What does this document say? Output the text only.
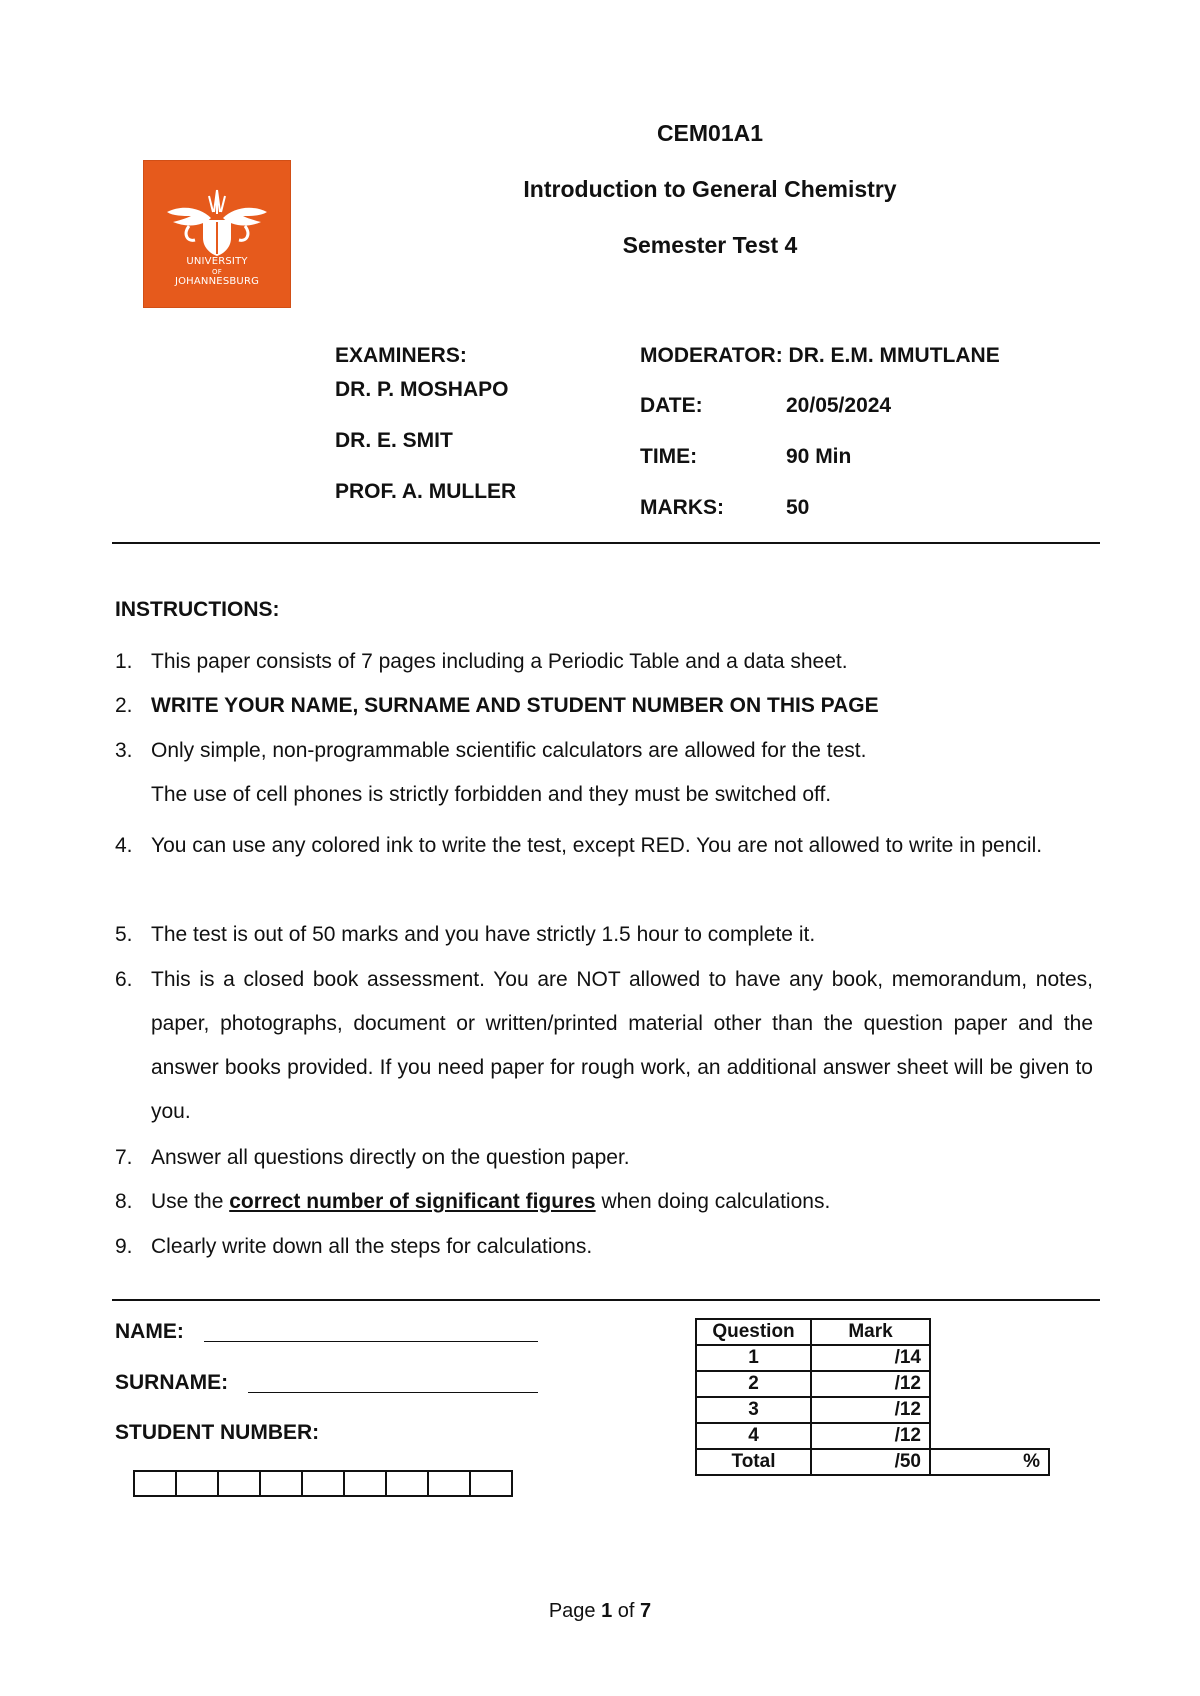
CEM01A1
Introduction to General Chemistry
Semester Test 4
UNIVERSITY
OF
JOHANNESBURG
EXAMINERS:
DR. P. MOSHAPO
DR. E. SMIT
PROF. A. MULLER
MODERATOR: DR. E.M. MMUTLANE
DATE:	20/05/2024
TIME:	90 Min
MARKS:	50
INSTRUCTIONS:
1. This paper consists of 7 pages including a Periodic Table and a data sheet.
2. WRITE YOUR NAME, SURNAME AND STUDENT NUMBER ON THIS PAGE
3. Only simple, non-programmable scientific calculators are allowed for the test.
The use of cell phones is strictly forbidden and they must be switched off.
4. You can use any colored ink to write the test, except RED. You are not allowed to write in pencil.
5. The test is out of 50 marks and you have strictly 1.5 hour to complete it.
6. This is a closed book assessment. You are NOT allowed to have any book, memorandum, notes, paper, photographs, document or written/printed material other than the question paper and the answer books provided. If you need paper for rough work, an additional answer sheet will be given to you.
7. Answer all questions directly on the question paper.
8. Use the correct number of significant figures when doing calculations.
9. Clearly write down all the steps for calculations.
NAME:
SURNAME:
STUDENT NUMBER:
Question	Mark	
1	/14	
2	/12	
3	/12	
4	/12	
Total	/50	%
Page 1 of 7
